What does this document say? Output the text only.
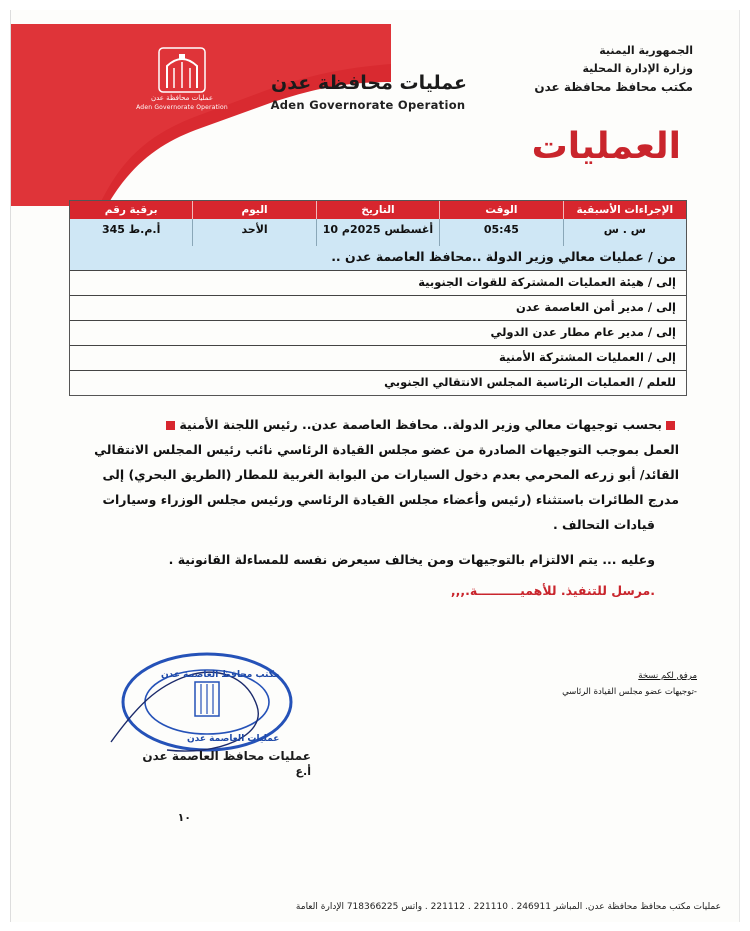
عمليات محافظة عدن
Aden Governorate Operation
عمليات محافظة عدن
Aden Governorate Operation
الجمهورية اليمنية
وزارة الإدارة المحلية
مكتب محافظ محافظة عدن
العمليات
الإجراءات الأسبقية
الوقت
التاريخ
اليوم
برقية رقم
س . س
05:45
10 أغسطس 2025م
الأحد
345 أ.م.ط
من / عمليات معالي وزير الدولة ..محافظ العاصمة عدن ..
إلى / هيئة العمليات المشتركة للقوات الجنوبية
إلى / مدير أمن العاصمة عدن
إلى / مدير عام مطار عدن الدولي
إلى / العمليات المشتركة الأمنية
للعلم / العمليات الرئاسية المجلس الانتقالي الجنوبي
بحسب توجيهات معالي وزير الدولة.. محافظ العاصمة عدن.. رئيس اللجنة الأمنية
العمل بموجب التوجيهات الصادرة من عضو مجلس القيادة الرئاسي نائب رئيس المجلس الانتقالي
القائد/ أبو زرعه المحرمي بعدم دخول السيارات من البوابة الغربية للمطار (الطريق البحري) إلى
مدرج الطائرات باستثناء (رئيس وأعضاء مجلس القيادة الرئاسي ورئيس مجلس الوزراء وسيارات
قيادات التحالف .
وعليه ... يتم الالتزام بالتوجيهات ومن يخالف سيعرض نفسه للمساءلة القانونية .
.مرسل للتنفيذ. للأهميــــــــــة.,,,
مرفق لكم نسخة
-توجيهات عضو مجلس القيادة الرئاسي
مكتب محافظ العاصمة عدن
عمليات العاصمة عدن
عمليات محافظ العاصمة عدن
أ.ع
١٠
عمليات مكتب محافظ محافظة عدن. المباشر 246911 . 221110 . 221112 . واتس 718366225 الإدارة العامة
